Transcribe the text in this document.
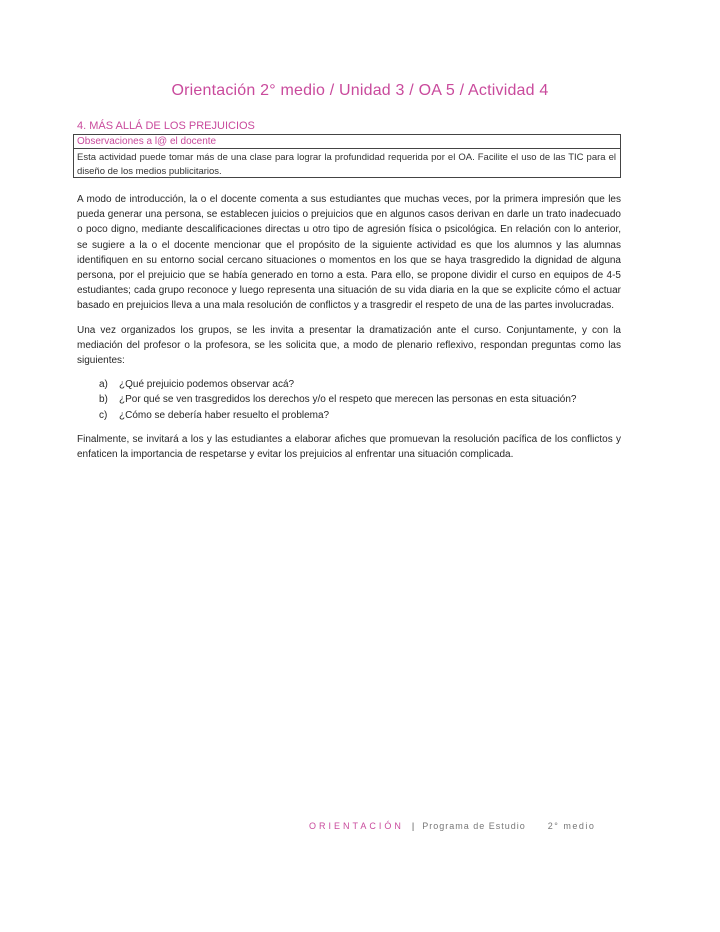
Orientación 2° medio / Unidad 3 / OA 5 / Actividad 4
4. MÁS ALLÁ DE LOS PREJUICIOS
Observaciones a l@ el docente
Esta actividad puede tomar más de una clase para lograr la profundidad requerida por el OA. Facilite el uso de las TIC para el diseño de los medios publicitarios.

A modo de introducción, la o el docente comenta a sus estudiantes que muchas veces, por la primera impresión que les pueda generar una persona, se establecen juicios o prejuicios que en algunos casos derivan en darle un trato inadecuado o poco digno, mediante descalificaciones directas u otro tipo de agresión física o psicológica. En relación con lo anterior, se sugiere a la o el docente mencionar que el propósito de la siguiente actividad es que los alumnos y las alumnas identifiquen en su entorno social cercano situaciones o momentos en los que se haya trasgredido la dignidad de alguna persona, por el prejuicio que se había generado en torno a esta. Para ello, se propone dividir el curso en equipos de 4-5 estudiantes; cada grupo reconoce y luego representa una situación de su vida diaria en la que se explicite cómo el actuar basado en prejuicios lleva a una mala resolución de conflictos y a trasgredir el respeto de una de las partes involucradas.

Una vez organizados los grupos, se les invita a presentar la dramatización ante el curso. Conjuntamente, y con la mediación del profesor o la profesora, se les solicita que, a modo de plenario reflexivo, respondan preguntas como las siguientes:

a)	¿Qué prejuicio podemos observar acá?
b)	¿Por qué se ven trasgredidos los derechos y/o el respeto que merecen las personas en esta situación?
c)	¿Cómo se debería haber resuelto el problema?

Finalmente, se invitará a los y las estudiantes a elaborar afiches que promuevan la resolución pacífica de los conflictos y enfaticen la importancia de respetarse y evitar los prejuicios al enfrentar una situación complicada.

ORIENTACIÓN | Programa de Estudio 2° medio
